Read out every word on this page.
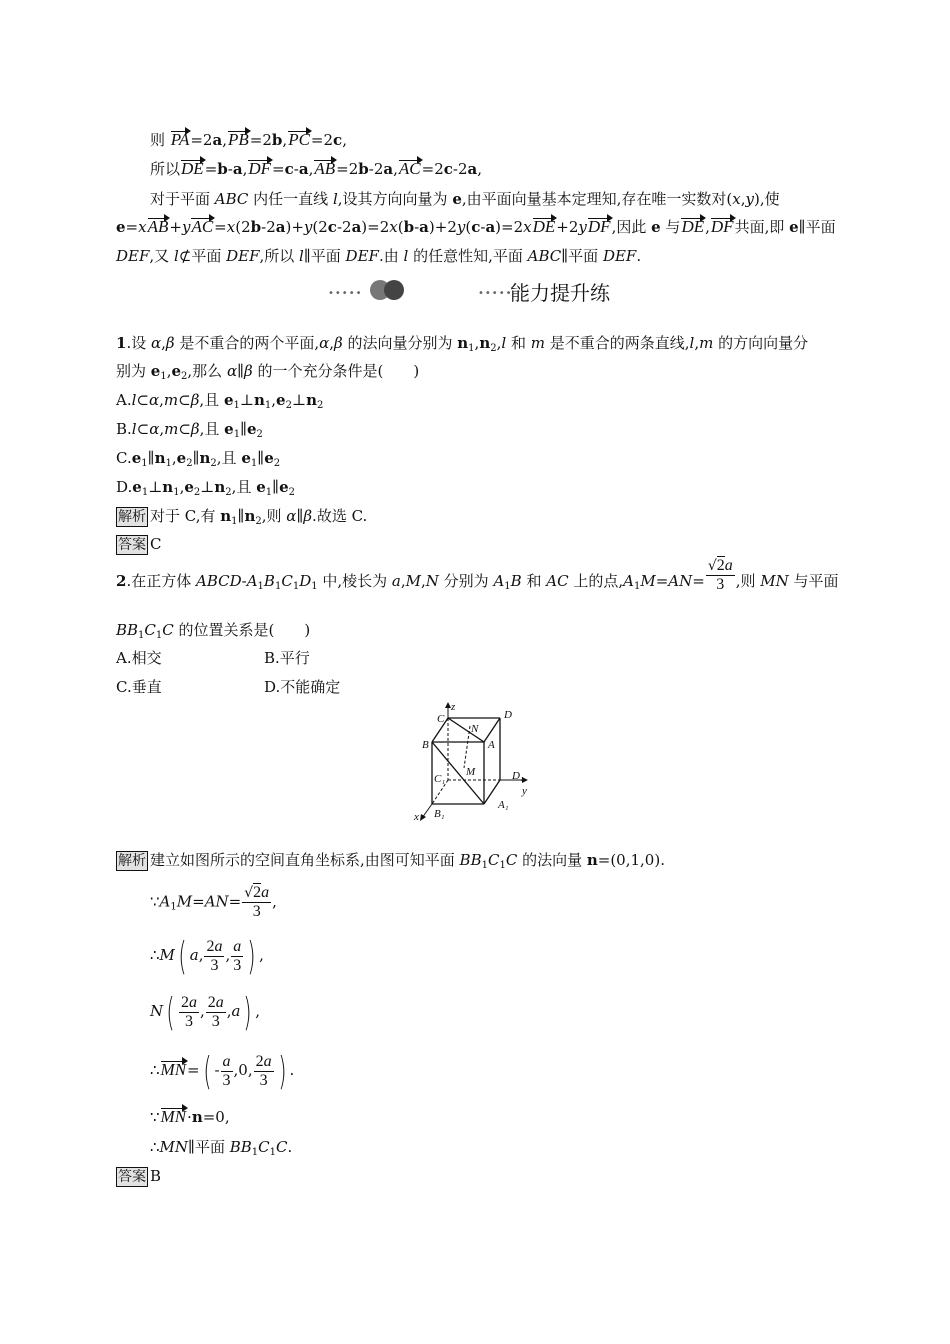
则 PA=2a,PB=2b,PC=2c,
所以DE=b-a,DF=c-a,AB=2b-2a,AC=2c-2a,
对于平面 ABC 内任一直线 l,设其方向向量为 e,由平面向量基本定理知,存在唯一实数对(x,y),使
e=xAB+yAC=x(2b-2a)+y(2c-2a)=2x(b-a)+2y(c-a)=2xDE+2yDF,因此 e 与DE,DF共面,即 e∥平面
DEF,又 l⊄平面 DEF,所以 l∥平面 DEF.由 l 的任意性知,平面 ABC∥平面 DEF.
•••••	•••••
能力提升练
1.设 α,β 是不重合的两个平面,α,β 的法向量分别为 $n_1,n_2,l$ 和 m 是不重合的两条直线,l,m 的方向向量分
别为 $e_1,e_2$,那么 α∥β 的一个充分条件是(　　)
A.l⊂α,m⊂β,且 $e_1\perp n_1,e_2\perp n_2$
B.l⊂α,m⊂β,且 $e_1\parallel e_2$
$C.e_1\parallel n_1,e_2\parallel n_2$,且 $e_1\parallel e_2$
$D.e_1\perp n_1,e_2\perp n_2$,且 $e_1\parallel e_2$
解析 对于 C,有 $n_1\parallel n_2$,则 α∥β.故选 C.
答案 C
2.在正方体 ABCD-$A_1B_1C_1D_1$ 中,棱长为 a,M,N 分别为 $A_1B$ 和 AC 上的点$,A_1M=AN= \frac{√2a}{3}$ ,则 MN 与平面
$BB_1C_1C$ 的位置关系是(　　)
A.相交	B.平行
C.垂直	D.不能确定
z
C
N
D
B	A
C₁
M	D₁
y
x B₁
A₁
解析 建立如图所示的空间直角坐标系,由图可知平面 $BB_1C_1C$ 的法向量 n=(0,1,0).
$\because A_1M=AN= \frac{√2a}{3}$ ,
∴M( a, $\frac{2a}{3}$ , $\frac{a}{3}$ ) ,
$N( \frac{2a}{3}$ , $\frac{2a}{3} ,a$) ,
∴MN=( - $\frac{a}{3} ,0$, $\frac{2a}{3}$ ) .
∵MN·n=0,
∴MN∥平面 $BB_1C_1C$.
答案 B
